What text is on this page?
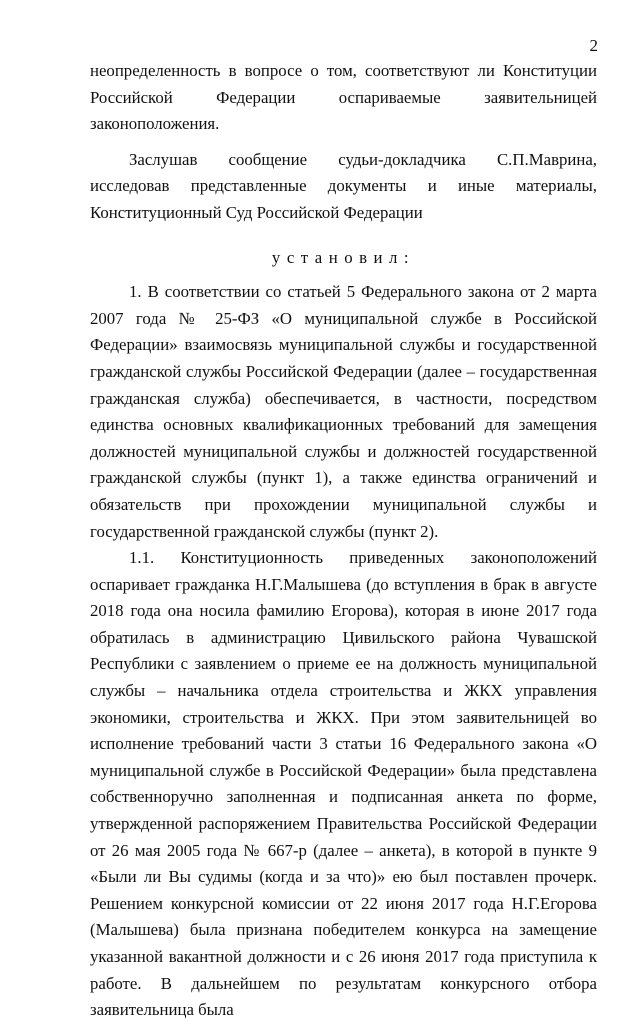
2

неопределенность в вопросе о том, соответствуют ли Конституции Российской Федерации оспариваемые заявительницей законоположения.

Заслушав сообщение судьи-докладчика С.П.Маврина, исследовав представленные документы и иные материалы, Конституционный Суд Российской Федерации

установил:

1. В соответствии со статьей 5 Федерального закона от 2 марта 2007 года № 25-ФЗ «О муниципальной службе в Российской Федерации» взаимосвязь муниципальной службы и государственной гражданской службы Российской Федерации (далее – государственная гражданская служба) обеспечивается, в частности, посредством единства основных квалификационных требований для замещения должностей муниципальной службы и должностей государственной гражданской службы (пункт 1), а также единства ограничений и обязательств при прохождении муниципальной службы и государственной гражданской службы (пункт 2).

1.1. Конституционность приведенных законоположений оспаривает гражданка Н.Г.Малышева (до вступления в брак в августе 2018 года она носила фамилию Егорова), которая в июне 2017 года обратилась в администрацию Цивильского района Чувашской Республики с заявлением о приеме ее на должность муниципальной службы – начальника отдела строительства и ЖКХ управления экономики, строительства и ЖКХ. При этом заявительницей во исполнение требований части 3 статьи 16 Федерального закона «О муниципальной службе в Российской Федерации» была представлена собственноручно заполненная и подписанная анкета по форме, утвержденной распоряжением Правительства Российской Федерации от 26 мая 2005 года № 667-р (далее – анкета), в которой в пункте 9 «Были ли Вы судимы (когда и за что)» ею был поставлен прочерк. Решением конкурсной комиссии от 22 июня 2017 года Н.Г.Егорова (Малышева) была признана победителем конкурса на замещение указанной вакантной должности и с 26 июня 2017 года приступила к работе. В дальнейшем по результатам конкурсного отбора заявительница была
